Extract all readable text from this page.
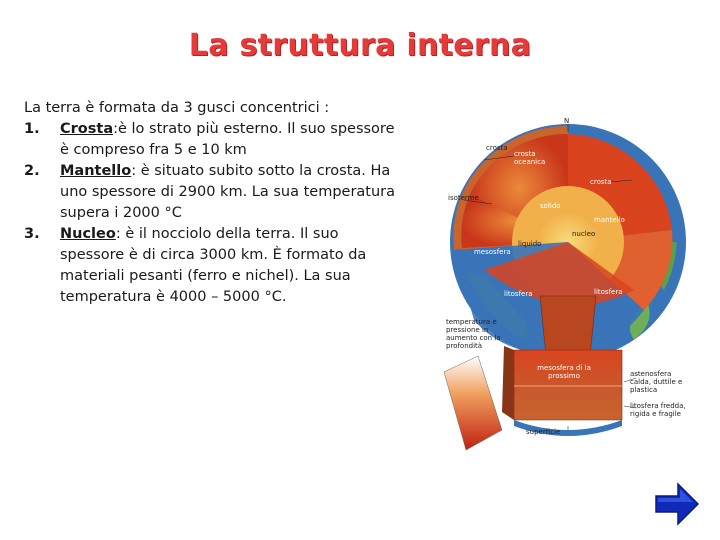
La struttura interna
La terra è formata da 3 gusci concentrici :
1.	Crosta:è lo strato più esterno. Il suo spessore è compreso fra 5 e 10 km
2.	Mantello: è situato subito sotto la crosta. Ha uno spessore di 2900 km. La sua temperatura supera i 2000 °C
3.	Nucleo: è il nocciolo della terra. Il suo spessore è di circa 3000 km. È formato da materiali pesanti (ferro e nichel). La sua temperatura è 4000 – 5000 °C.
N
crosta
crosta oceanica
crosta
isoterme
solido
mantello
nucleo
liquido
mesosfera
litosfera	litosfera
temperatura e pressione in aumento con la profondità
mesosfera di la prossimo	astenosfera calda, duttile e plastica
litosfera fredda, rigida e fragile
superficie
